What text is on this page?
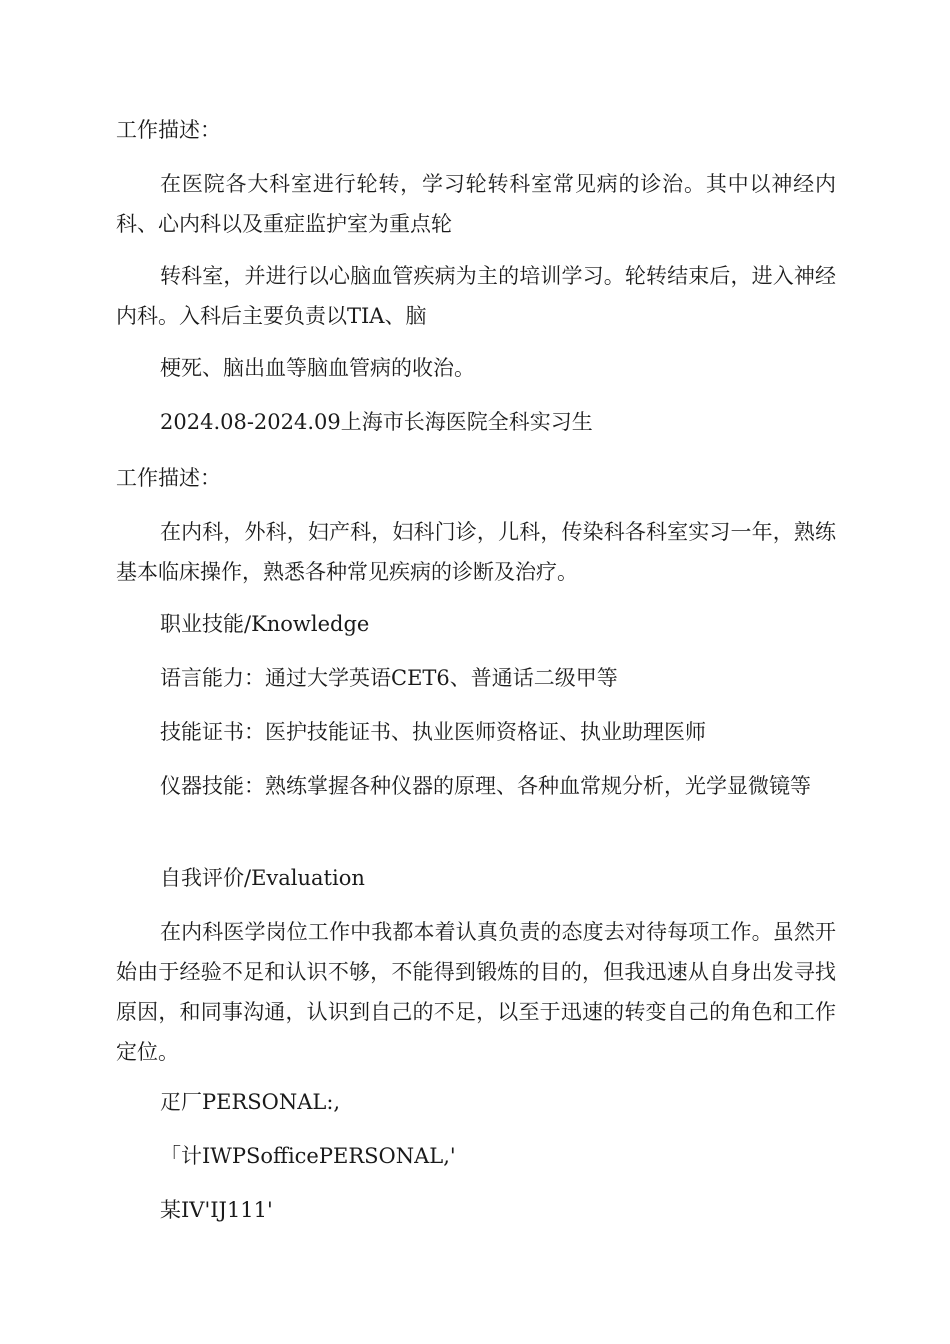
工作描述：
在医院各大科室进行轮转，学习轮转科室常见病的诊治。其中以神经内科、心内科以及重症监护室为重点轮
转科室，并进行以心脑血管疾病为主的培训学习。轮转结束后，进入神经内科。入科后主要负责以TIA、脑
梗死、脑出血等脑血管病的收治。
2024.08-2024.09上海市长海医院全科实习生
工作描述：
在内科，外科，妇产科，妇科门诊，儿科，传染科各科室实习一年，熟练基本临床操作，熟悉各种常见疾病的诊断及治疗。
职业技能/Knowledge
语言能力：通过大学英语CET6、普通话二级甲等
技能证书：医护技能证书、执业医师资格证、执业助理医师
仪器技能：熟练掌握各种仪器的原理、各种血常规分析，光学显微镜等
自我评价/Evaluation
在内科医学岗位工作中我都本着认真负责的态度去对待每项工作。虽然开始由于经验不足和认识不够，不能得到锻炼的目的，但我迅速从自身出发寻找原因，和同事沟通，认识到自己的不足，以至于迅速的转变自己的角色和工作定位。
疋厂PERSONAL:,
「计IWPSofficePERSONAL,'
某IV'IJ111'
